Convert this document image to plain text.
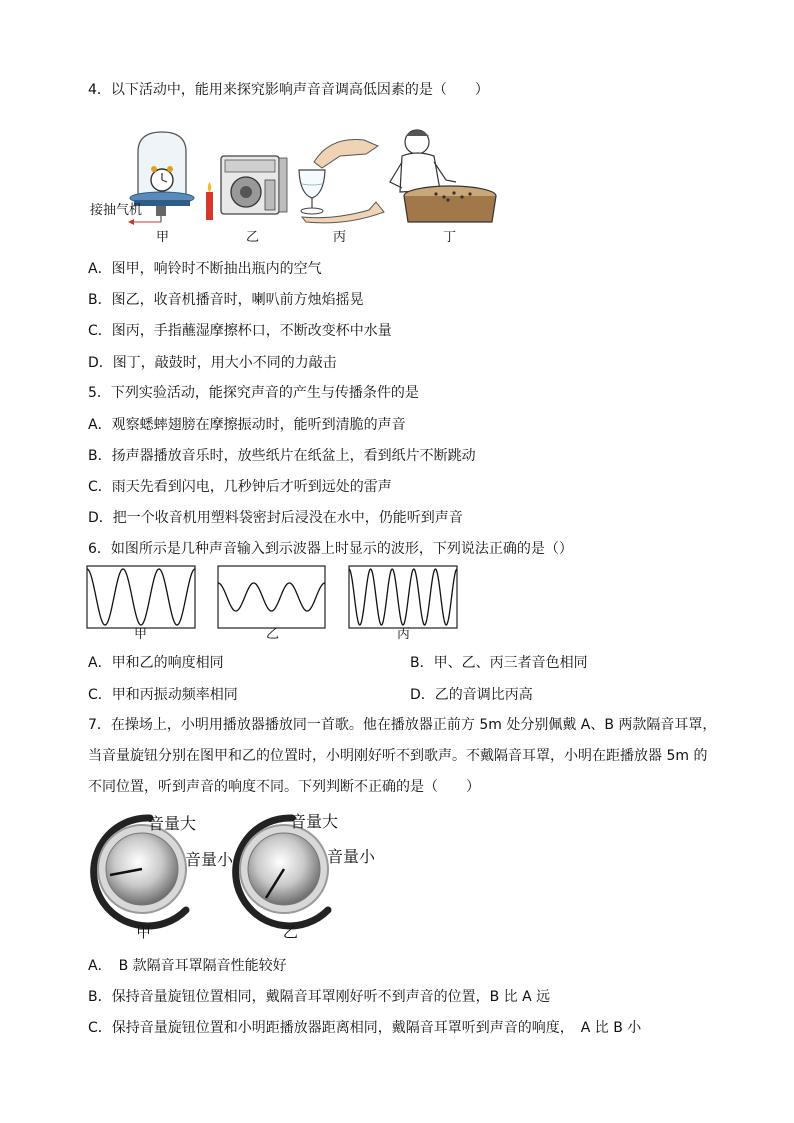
4．以下活动中，能用来探究影响声音音调高低因素的是（　　）
接抽气机
甲	乙	丙	丁
A．图甲，响铃时不断抽出瓶内的空气
B．图乙，收音机播音时，喇叭前方烛焰摇晃
C．图丙，手指蘸湿摩擦杯口，不断改变杯中水量
D．图丁，敲鼓时，用大小不同的力敲击
5．下列实验活动，能探究声音的产生与传播条件的是
A．观察蟋蟀翅膀在摩擦振动时，能听到清脆的声音
B．扬声器播放音乐时，放些纸片在纸盆上，看到纸片不断跳动
C．雨天先看到闪电，几秒钟后才听到远处的雷声
D．把一个收音机用塑料袋密封后浸没在水中，仍能听到声音
6．如图所示是几种声音输入到示波器上时显示的波形，下列说法正确的是（）
甲	乙	丙
A．甲和乙的响度相同	B．甲、乙、丙三者音色相同
C．甲和丙振动频率相同	D．乙的音调比丙高
7．在操场上，小明用播放器播放同一首歌。他在播放器正前方 5m 处分别佩戴 A、B 两款隔音耳罩，
当音量旋钮分别在图甲和乙的位置时，小明刚好听不到歌声。不戴隔音耳罩，小明在距播放器 5m 的
不同位置，听到声音的响度不同。下列判断不正确的是（　　）
音量大
音量小
音量大
音量小
甲	乙
A．　B 款隔音耳罩隔音性能较好
B．保持音量旋钮位置相同，戴隔音耳罩刚好听不到声音的位置，B 比 A 远
C．保持音量旋钮位置和小明距播放器距离相同，戴隔音耳罩听到声音的响度，　A 比 B 小
